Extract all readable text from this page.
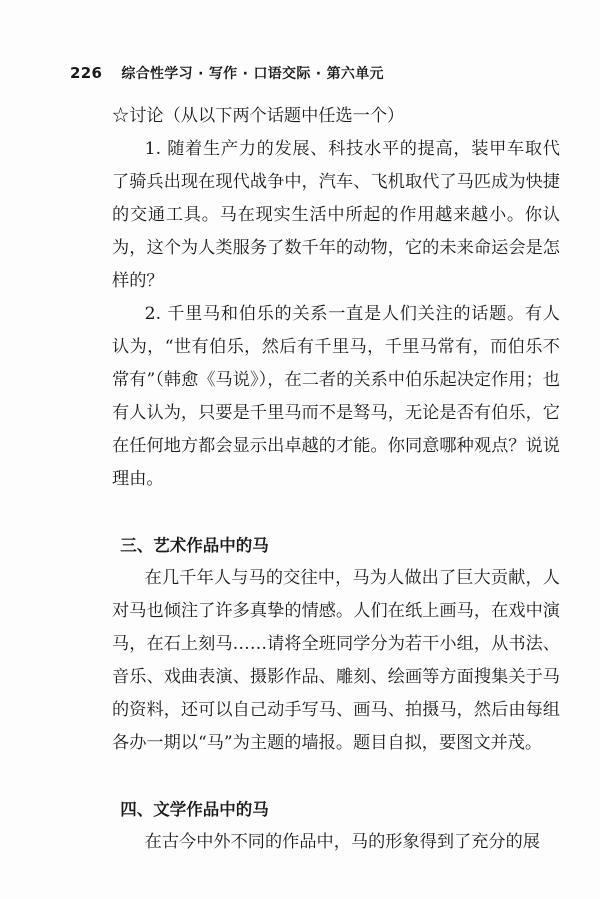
226 综合性学习 · 写作 · 口语交际 · 第六单元

☆讨论（从以下两个话题中任选一个）

1. 随着生产力的发展、科技水平的提高，装甲车取代了骑兵出现在现代战争中，汽车、飞机取代了马匹成为快捷的交通工具。马在现实生活中所起的作用越来越小。你认为，这个为人类服务了数千年的动物，它的未来命运会是怎样的？

2. 千里马和伯乐的关系一直是人们关注的话题。有人认为，“世有伯乐，然后有千里马，千里马常有，而伯乐不常有”（韩愈《马说》），在二者的关系中伯乐起决定作用；也有人认为，只要是千里马而不是驽马，无论是否有伯乐，它在任何地方都会显示出卓越的才能。你同意哪种观点？说说理由。

三、艺术作品中的马

在几千年人与马的交往中，马为人做出了巨大贡献，人对马也倾注了许多真挚的情感。人们在纸上画马，在戏中演马，在石上刻马……请将全班同学分为若干小组，从书法、音乐、戏曲表演、摄影作品、雕刻、绘画等方面搜集关于马的资料，还可以自己动手写马、画马、拍摄马，然后由每组各办一期以“马”为主题的墙报。题目自拟，要图文并茂。

四、文学作品中的马

在古今中外不同的作品中，马的形象得到了充分的展
